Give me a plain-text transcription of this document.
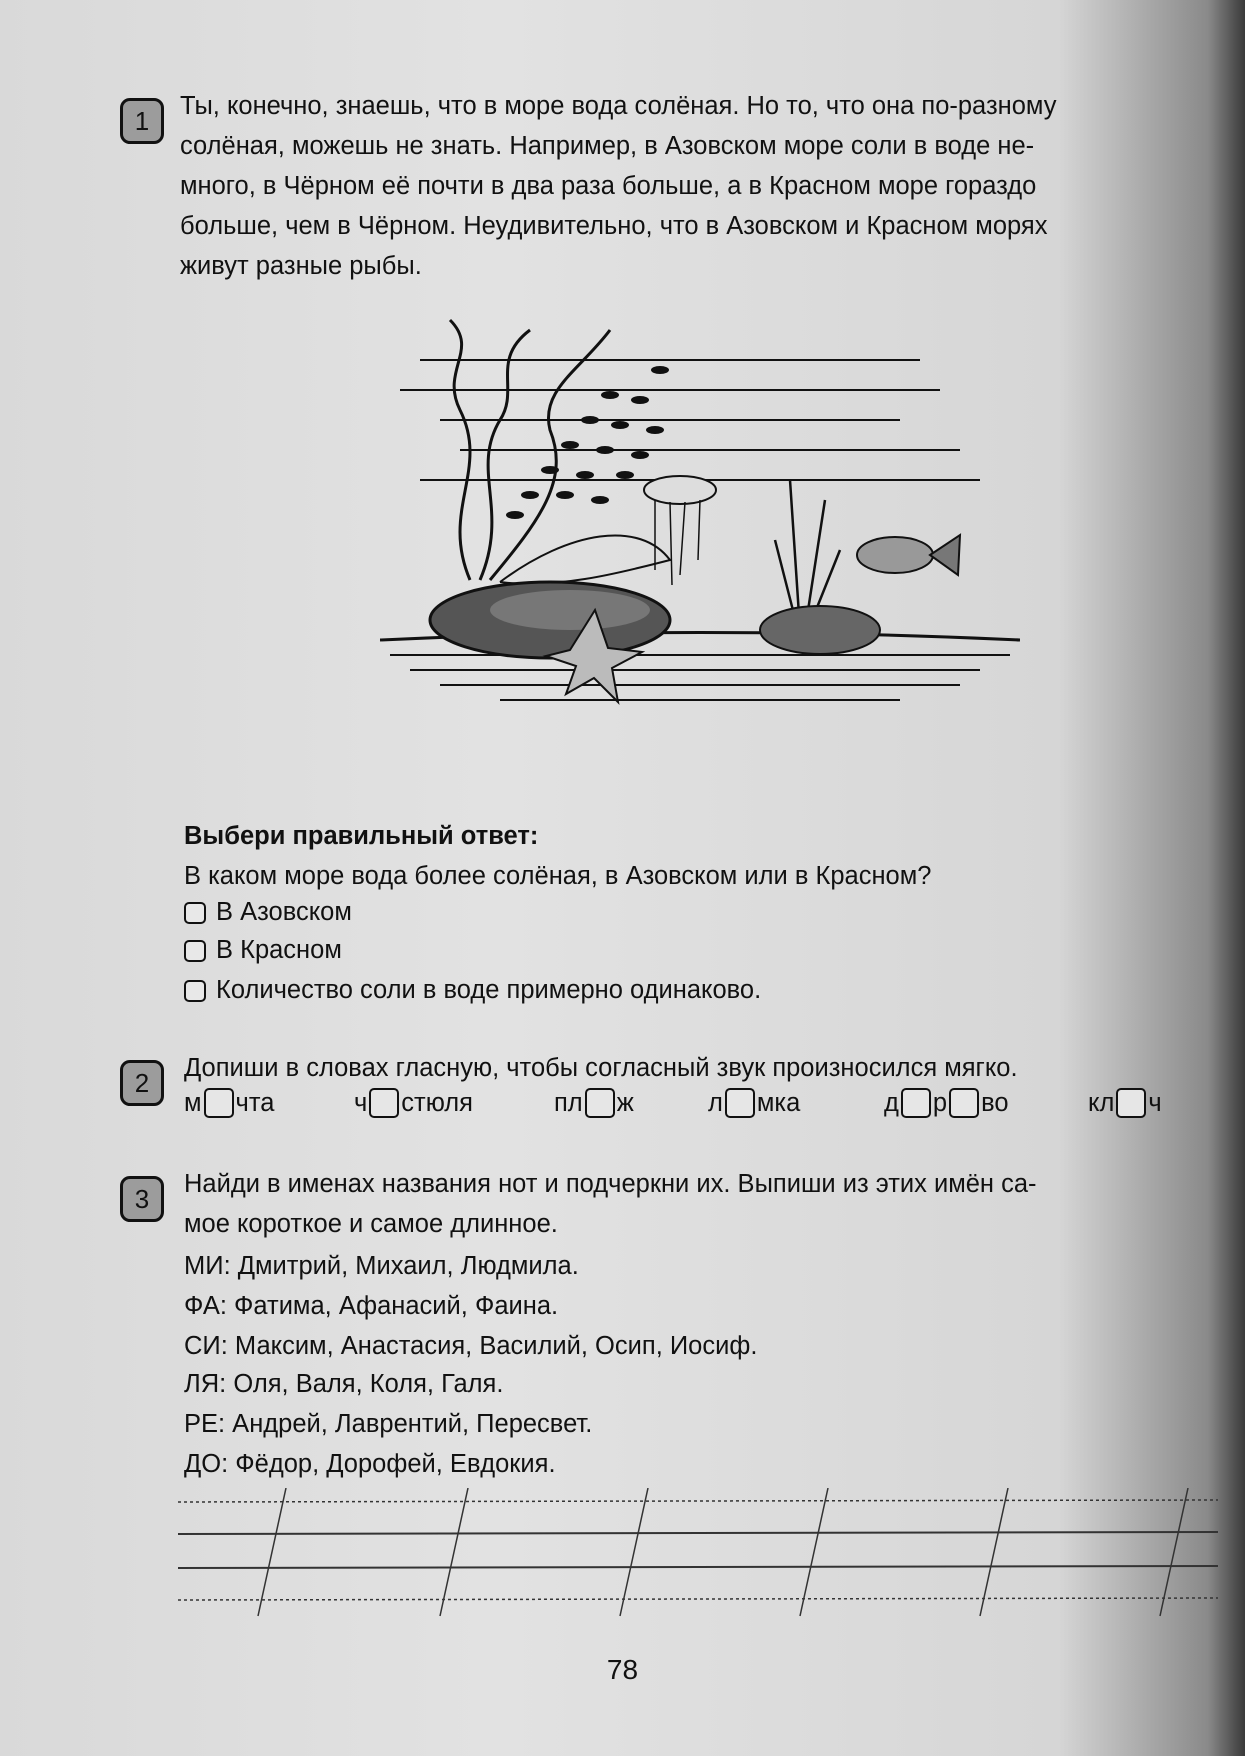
1	Ты, конечно, знаешь, что в море вода солёная. Но то, что она по-разному
солёная, можешь не знать. Например, в Азовском море соли в воде не-
много, в Чёрном её почти в два раза больше, а в Красном море гораздо
больше, чем в Чёрном. Неудивительно, что в Азовском и Красном морях
живут разные рыбы.
Выбери правильный ответ:
В каком море вода более солёная, в Азовском или в Красном?
В Азовском
В Красном
Количество соли в воде примерно одинаково.
2	Допиши в словах гласную, чтобы согласный звук произносился мягко.
м чта	ч стюля	пл ж	л мка	д р во	кл ч
3	Найди в именах названия нот и подчеркни их. Выпиши из этих имён са-
мое короткое и самое длинное.
МИ: Дмитрий, Михаил, Людмила.
ФА: Фатима, Афанасий, Фаина.
СИ: Максим, Анастасия, Василий, Осип, Иосиф.
ЛЯ: Оля, Валя, Коля, Галя.
РЕ: Андрей, Лаврентий, Пересвет.
ДО: Фёдор, Дорофей, Евдокия.
78
